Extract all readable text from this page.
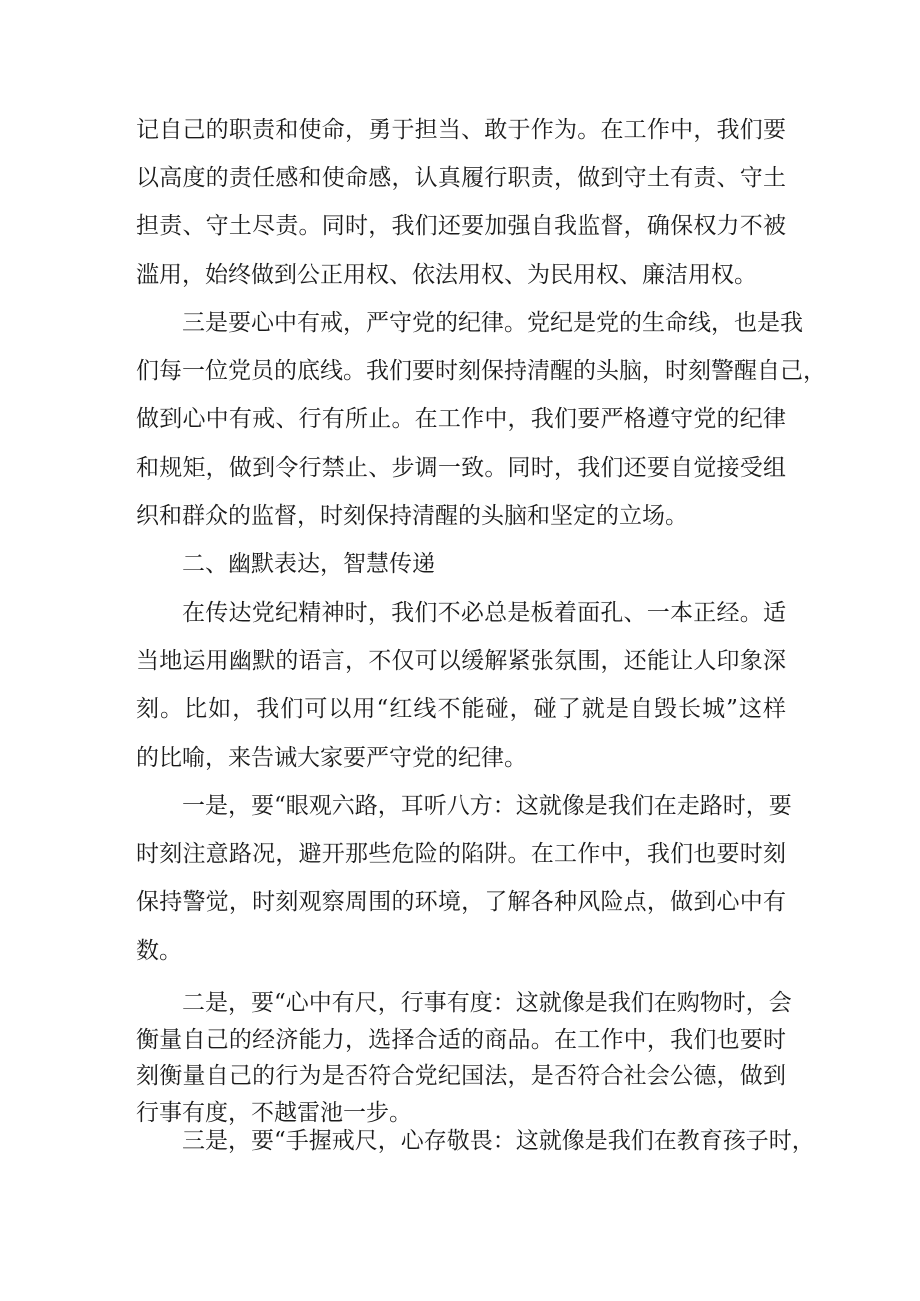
记自己的职责和使命，勇于担当、敢于作为。在工作中，我们要
以高度的责任感和使命感，认真履行职责，做到守土有责、守土
担责、守土尽责。同时，我们还要加强自我监督，确保权力不被
滥用，始终做到公正用权、依法用权、为民用权、廉洁用权。
三是要心中有戒，严守党的纪律。党纪是党的生命线，也是我
们每一位党员的底线。我们要时刻保持清醒的头脑，时刻警醒自己，
做到心中有戒、行有所止。在工作中，我们要严格遵守党的纪律
和规矩，做到令行禁止、步调一致。同时，我们还要自觉接受组
织和群众的监督，时刻保持清醒的头脑和坚定的立场。
二、幽默表达，智慧传递
在传达党纪精神时，我们不必总是板着面孔、一本正经。适
当地运用幽默的语言，不仅可以缓解紧张氛围，还能让人印象深
刻。比如，我们可以用“红线不能碰，碰了就是自毁长城”这样
的比喻，来告诫大家要严守党的纪律。
一是，要“眼观六路，耳听八方：这就像是我们在走路时，要
时刻注意路况，避开那些危险的陷阱。在工作中，我们也要时刻
保持警觉，时刻观察周围的环境，了解各种风险点，做到心中有
数。
二是，要“心中有尺，行事有度：这就像是我们在购物时，会
衡量自己的经济能力，选择合适的商品。在工作中，我们也要时
刻衡量自己的行为是否符合党纪国法，是否符合社会公德，做到
行事有度，不越雷池一步。
三是，要“手握戒尺，心存敬畏：这就像是我们在教育孩子时，
